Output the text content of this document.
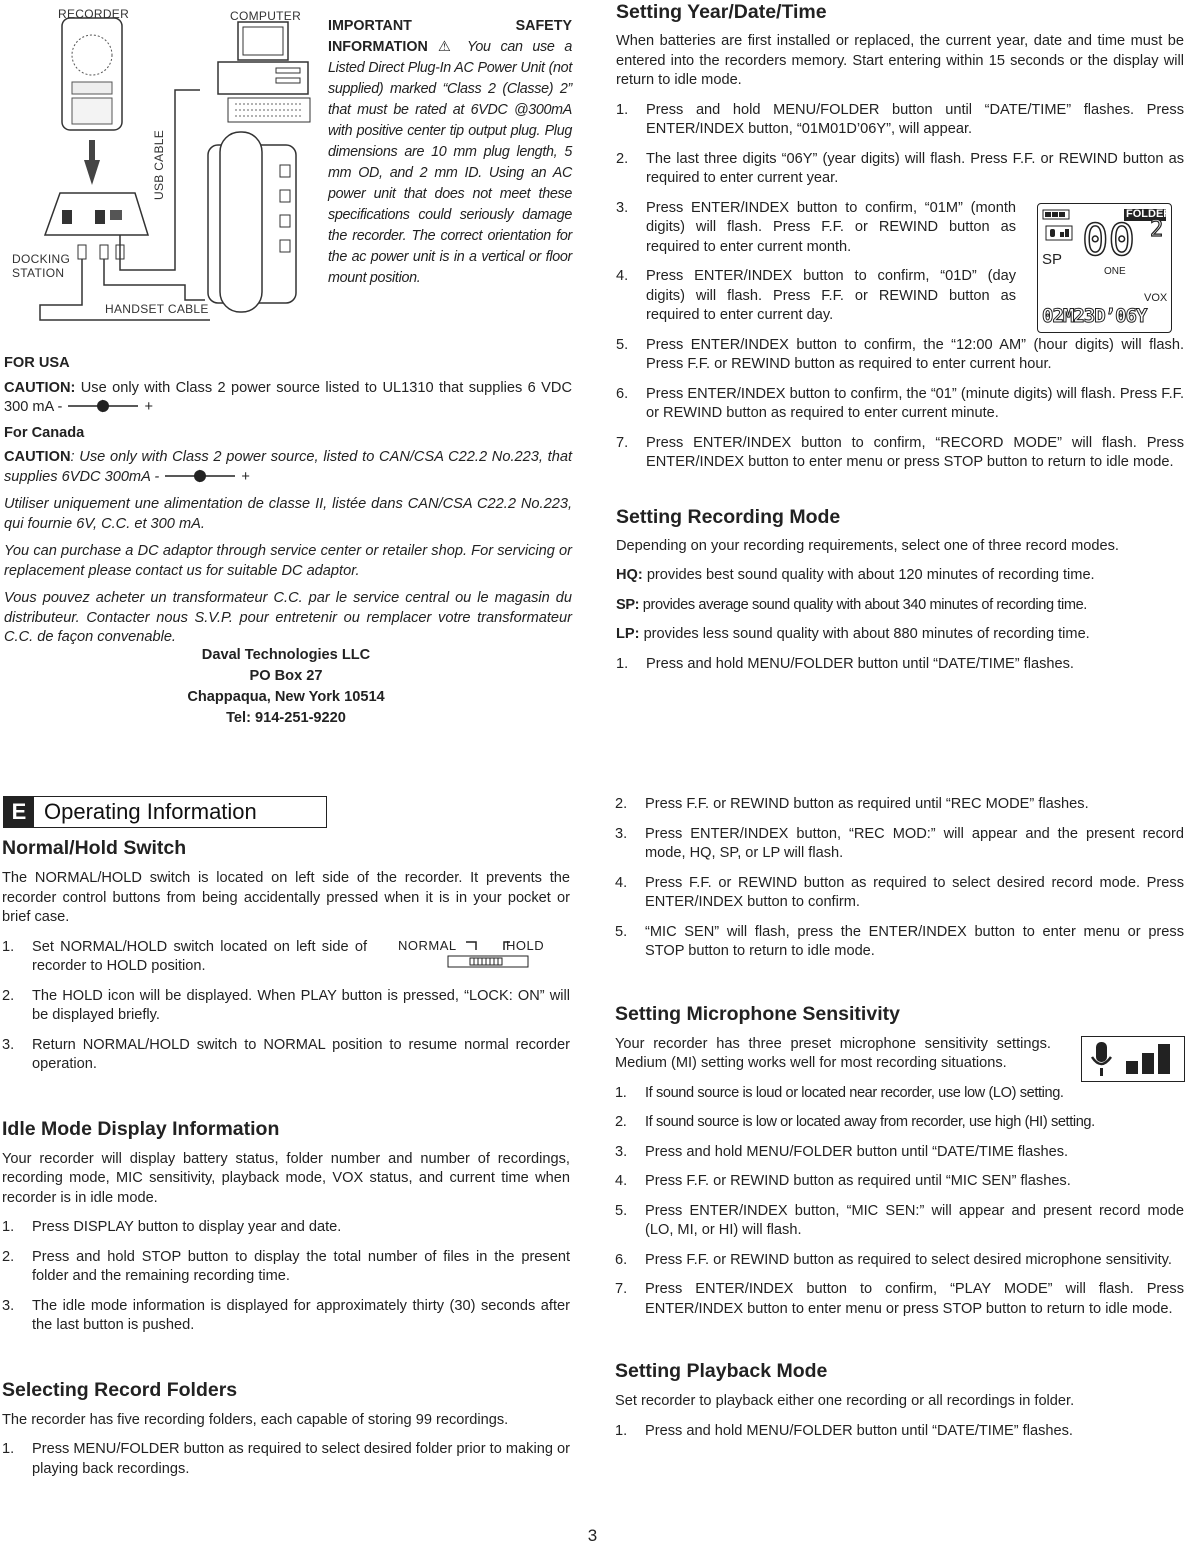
RECORDER	COMPUTER
DOCKING STATION
USB CABLE
HANDSET CABLE
IMPORTANT SAFETY INFORMATION ⚠ You can use a Listed Direct Plug-In AC Power Unit (not supplied) marked “Class 2 (Classe) 2” that must be rated at 6VDC @300mA with positive center tip output plug. Plug dimensions are 10 mm plug length, 5 mm OD, and 2 mm ID. Using an AC power unit that does not meet these specifications could seriously damage the recorder. The correct orientation for the ac power unit is in a vertical or floor mount position.

FOR USA

CAUTION: Use only with Class 2 power source listed to UL1310 that supplies 6 VDC 300 mA -	+

For Canada

CAUTION: Use only with Class 2 power source, listed to CAN/CSA C22.2 No.223, that supplies 6VDC 300mA -	+

Utiliser uniquement une alimentation de classe II, listée dans CAN/CSA C22.2 No.223, qui fournie 6V, C.C. et 300 mA.

You can purchase a DC adaptor through service center or retailer shop. For servicing or replacement please contact us for suitable DC adaptor.

Vous pouvez acheter un transformateur C.C. par le service central ou le magasin du distributeur. Contacter nous S.V.P. pour entretenir ou remplacer votre transformateur C.C. de façon convenable.

Daval Technologies LLC

PO Box 27

Chappaqua, New York 10514

Tel: 914-251-9220

E Operating Information
Normal/Hold Switch

The NORMAL/HOLD switch is located on left side of the recorder. It prevents the recorder control buttons from being accidentally pressed when it is in your pocket or brief case.

1. Set NORMAL/HOLD switch located on left side of recorder to HOLD position.
2. The HOLD icon will be displayed. When PLAY button is pressed, “LOCK: ON” will be displayed briefly.
3. Return NORMAL/HOLD switch to NORMAL position to resume normal recorder operation.
NORMAL	HOLD
Idle Mode Display Information

Your recorder will display battery status, folder number and number of recordings, recording mode, MIC sensitivity, playback mode, VOX status, and current time when recorder is in idle mode.

1. Press DISPLAY button to display year and date.
2. Press and hold STOP button to display the total number of files in the present folder and the remaining recording time.
3. The idle mode information is displayed for approximately thirty (30) seconds after the last button is pushed.
Selecting Record Folders

The recorder has five recording folders, each capable of storing 99 recordings.

1. Press MENU/FOLDER button as required to select desired folder prior to making or playing back recordings.
Setting Year/Date/Time

When batteries are first installed or replaced, the current year, date and time must be entered into the recorders memory. Start entering within 15 seconds or the display will return to idle mode.

1. Press and hold MENU/FOLDER button until “DATE/TIME” flashes. Press ENTER/INDEX button, “01M01D’06Y”, will appear.
2. The last three digits “06Y” (year digits) will flash. Press F.F. or REWIND button as required to enter current year.
3. Press ENTER/INDEX button to confirm, “01M” (month digits) will flash. Press F.F. or REWIND button as required to enter current month.
4. Press ENTER/INDEX button to confirm, “01D” (day digits) will flash. Press F.F. or REWIND button as required to enter current day.
5. Press ENTER/INDEX button to confirm, the “12:00 AM” (hour digits) will flash. Press F.F. or REWIND button as required to enter current hour.
6. Press ENTER/INDEX button to confirm, the “01” (minute digits) will flash. Press F.F. or REWIND button as required to enter current minute.
7. Press ENTER/INDEX button to confirm, “RECORD MODE” will flash. Press ENTER/INDEX button to enter menu or press STOP button to return to idle mode.
Setting Recording Mode

Depending on your recording requirements, select one of three record modes.

HQ: provides best sound quality with about 120 minutes of recording time.

SP: provides average sound quality with about 340 minutes of recording time.

LP: provides less sound quality with about 880 minutes of recording time.

1. Press and hold MENU/FOLDER button until “DATE/TIME” flashes.
FOLDER
00 2
SP
ONE
VOX
02M23D’06Y
2. Press F.F. or REWIND button as required until “REC MODE” flashes.
3. Press ENTER/INDEX button, “REC MOD:” will appear and the present record mode, HQ, SP, or LP will flash.
4. Press F.F. or REWIND button as required to select desired record mode. Press ENTER/INDEX button to confirm.
5. “MIC SEN” will flash, press the ENTER/INDEX button to enter menu or press STOP button to return to idle mode.
Setting Microphone Sensitivity

Your recorder has three preset microphone sensitivity settings. Medium (MI) setting works well for most recording situations.

1. If sound source is loud or located near recorder, use low (LO) setting.
2. If sound source is low or located away from recorder, use high (HI) setting.
3. Press and hold MENU/FOLDER button until “DATE/TIME flashes.
4. Press F.F. or REWIND button as required until “MIC SEN” flashes.
5. Press ENTER/INDEX button, “MIC SEN:” will appear and present record mode (LO, MI, or HI) will flash.
6. Press F.F. or REWIND button as required to select desired microphone sensitivity.
7. Press ENTER/INDEX button to confirm, “PLAY MODE” will flash. Press ENTER/INDEX button to enter menu or press STOP button to return to idle mode.
Setting Playback Mode

Set recorder to playback either one recording or all recordings in folder.

1. Press and hold MENU/FOLDER button until “DATE/TIME” flashes.
3
